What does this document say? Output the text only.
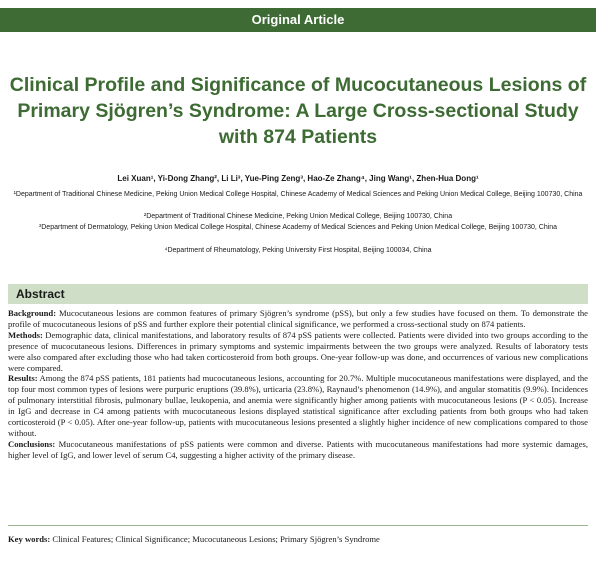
Original Article
Clinical Profile and Significance of Mucocutaneous Lesions of Primary Sjögren’s Syndrome: A Large Cross-sectional Study with 874 Patients
Lei Xuan¹, Yi-Dong Zhang², Li Li³, Yue-Ping Zeng³, Hao-Ze Zhang⁴, Jing Wang¹, Zhen-Hua Dong¹
¹Department of Traditional Chinese Medicine, Peking Union Medical College Hospital, Chinese Academy of Medical Sciences and Peking Union Medical College, Beijing 100730, China
²Department of Traditional Chinese Medicine, Peking Union Medical College, Beijing 100730, China
³Department of Dermatology, Peking Union Medical College Hospital, Chinese Academy of Medical Sciences and Peking Union Medical College, Beijing 100730, China
⁴Department of Rheumatology, Peking University First Hospital, Beijing 100034, China
Abstract

Background: Mucocutaneous lesions are common features of primary Sjögren’s syndrome (pSS), but only a few studies have focused on them. To demonstrate the profile of mucocutaneous lesions of pSS and further explore their potential clinical significance, we performed a cross-sectional study on 874 patients.

Methods: Demographic data, clinical manifestations, and laboratory results of 874 pSS patients were collected. Patients were divided into two groups according to the presence of mucocutaneous lesions. Differences in primary symptoms and systemic impairments between the two groups were analyzed. Results of laboratory tests were also compared after excluding those who had taken corticosteroid from both groups. One-year follow-up was done, and occurrences of various new complications were compared.

Results: Among the 874 pSS patients, 181 patients had mucocutaneous lesions, accounting for 20.7%. Multiple mucocutaneous manifestations were displayed, and the top four most common types of lesions were purpuric eruptions (39.8%), urticaria (23.8%), Raynaud’s phenomenon (14.9%), and angular stomatitis (9.9%). Incidences of pulmonary interstitial fibrosis, pulmonary bullae, leukopenia, and anemia were significantly higher among patients with mucocutaneous lesions (P < 0.05). Increase in IgG and decrease in C4 among patients with mucocutaneous lesions displayed statistical significance after excluding patients from both groups who had taken corticosteroid (P < 0.05). After one-year follow-up, patients with mucocutaneous lesions presented a slightly higher incidence of new complications compared to those without.

Conclusions: Mucocutaneous manifestations of pSS patients were common and diverse. Patients with mucocutaneous manifestations had more systemic damages, higher level of IgG, and lower level of serum C4, suggesting a higher activity of the primary disease.

Key words: Clinical Features; Clinical Significance; Mucocutaneous Lesions; Primary Sjögren’s Syndrome
